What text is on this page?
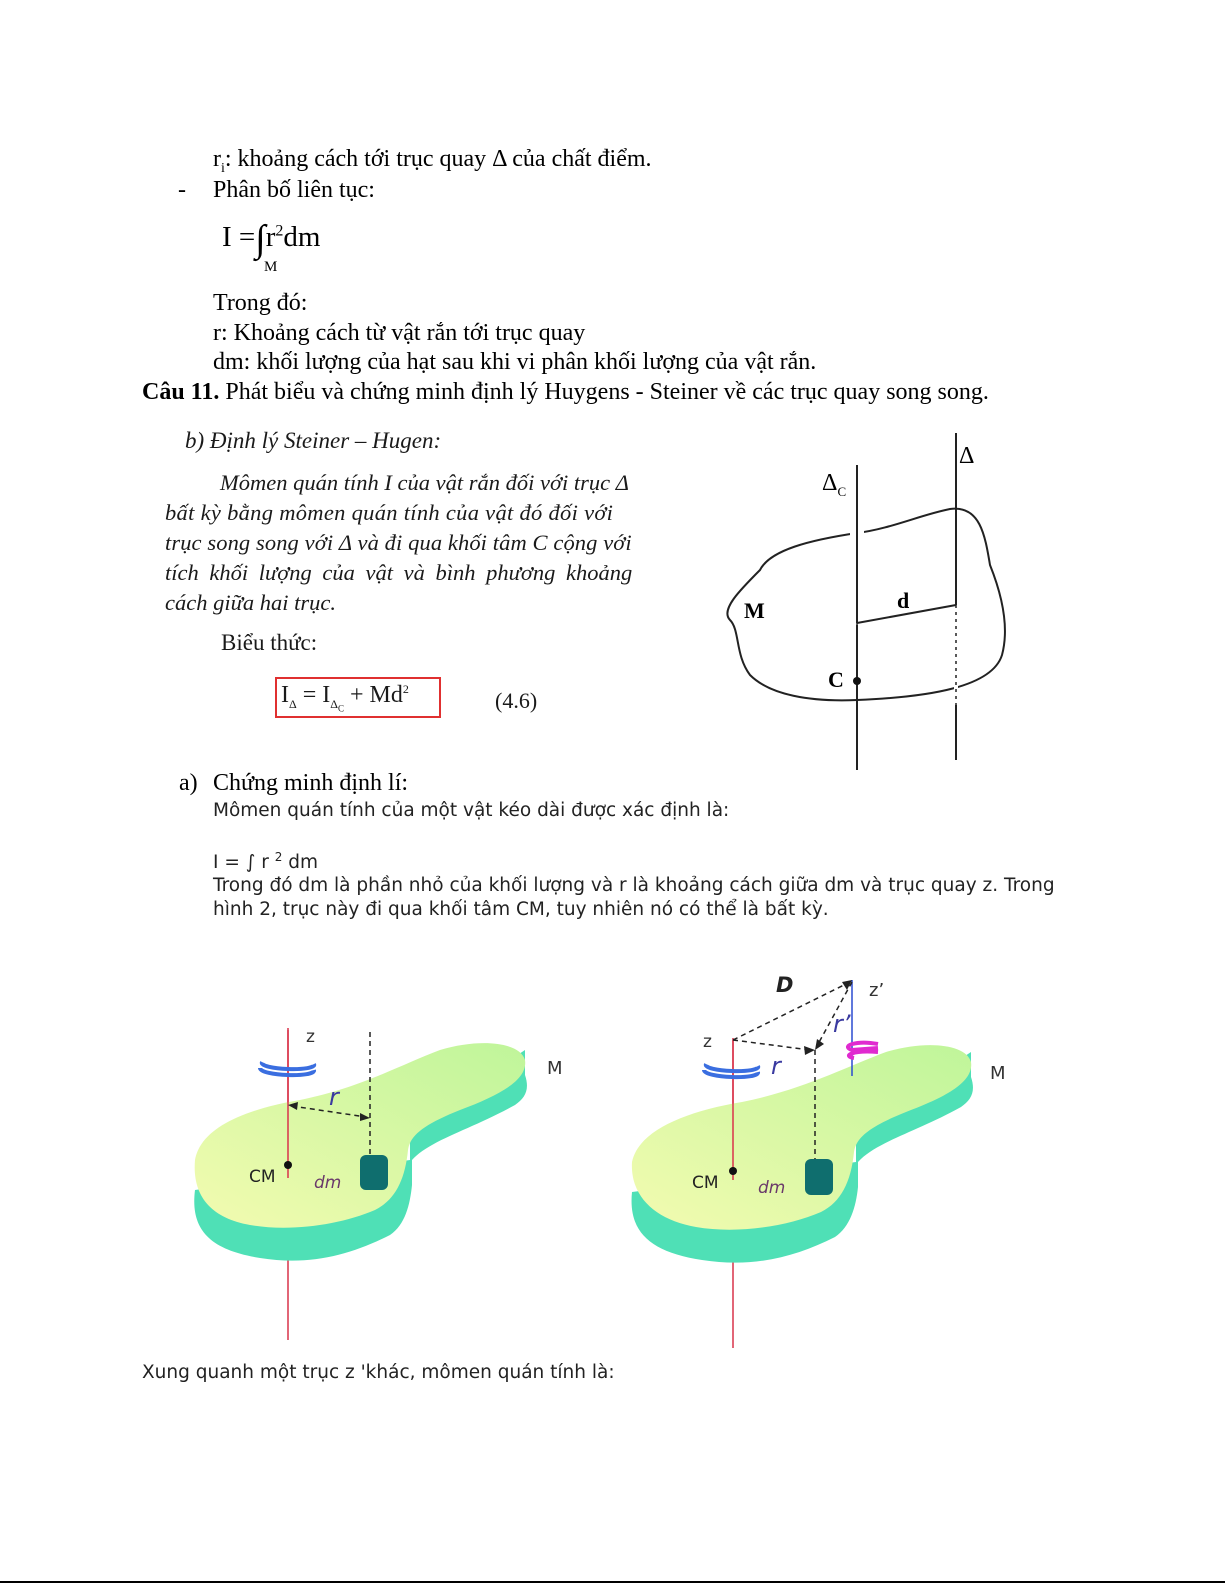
$r_i$: khoảng cách tới trục quay Δ của chất điểm.
- Phân bố liên tục:
$I =\int r^2dm$
M
Trong đó:
r: Khoảng cách từ vật rắn tới trục quay
dm: khối lượng của hạt sau khi vi phân khối lượng của vật rắn.
Câu 11. Phát biểu và chứng minh định lý Huygens - Steiner về các trục quay song song.
b) Định lý Steiner – Hugen:
Mômen quán tính I của vật rắn đối với trục Δ
bất kỳ bằng mômen quán tính của vật đó đối với
trục song song với Δ và đi qua khối tâm C cộng với
tích khối lượng của vật và bình phương khoảng
cách giữa hai trục.
Biểu thức:
$I_\Delta = I_{\Delta_C} + Md^2$	(4.6)
Δ
$\Delta_C$
M	d
C
a) Chứng minh định lí:
Mômen quán tính của một vật kéo dài được xác định là:
I = ∫ r $^2$ dm
Trong đó dm là phần nhỏ của khối lượng và r là khoảng cách giữa dm và trục quay z. Trong
hình 2, trục này đi qua khối tâm CM, tuy nhiên nó có thể là bất kỳ.
z
r
M
CM dm
D	z’
r’
z
r	M
CM dm
Xung quanh một trục z 'khác, mômen quán tính là:
